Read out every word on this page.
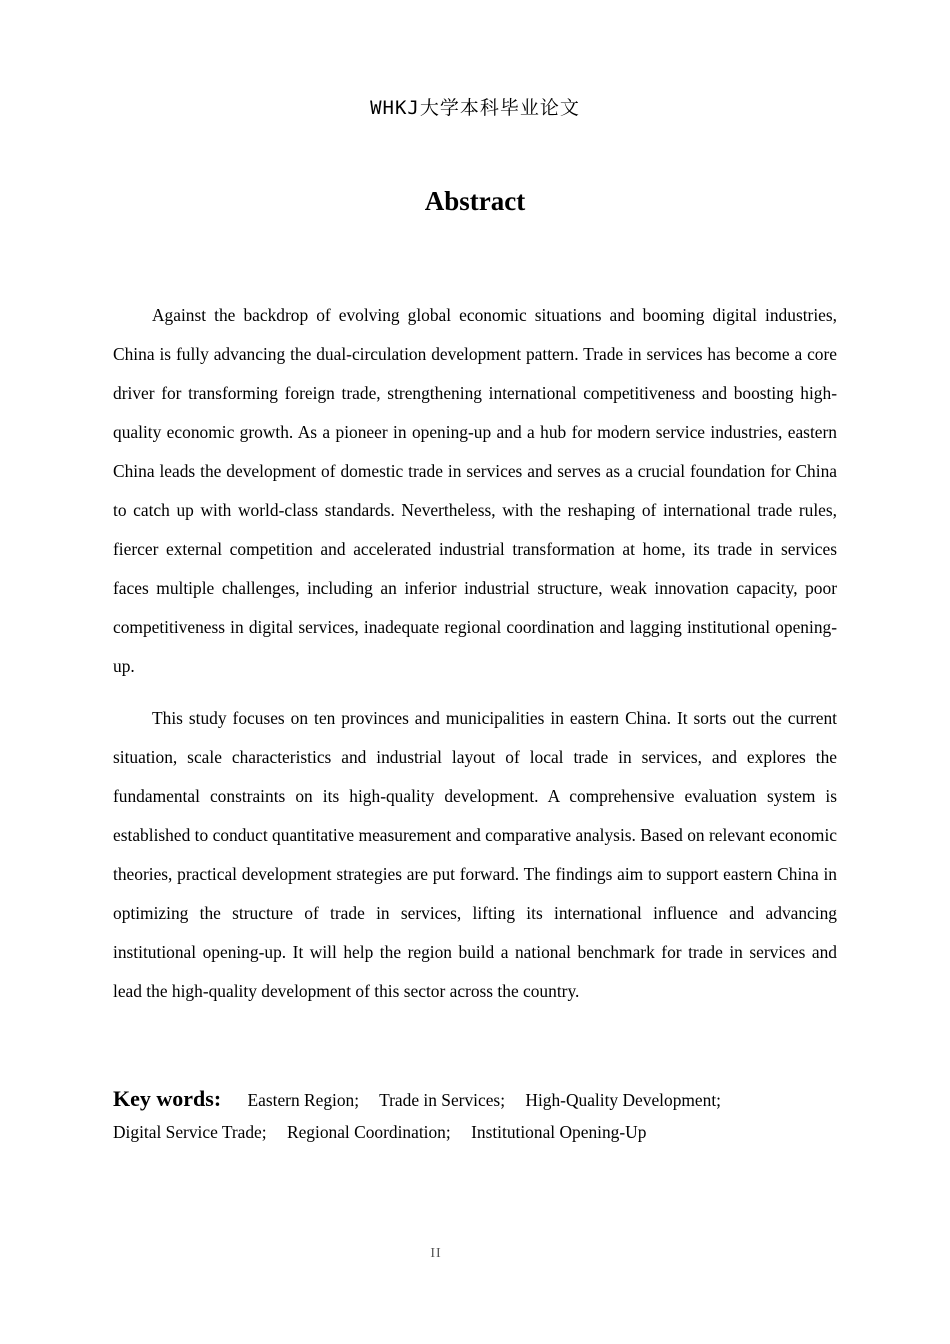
WHKJ大学本科毕业论文
Abstract

Against the backdrop of evolving global economic situations and booming digital industries, China is fully advancing the dual-circulation development pattern. Trade in services has become a core driver for transforming foreign trade, strengthening international competitiveness and boosting high-quality economic growth. As a pioneer in opening-up and a hub for modern service industries, eastern China leads the development of domestic trade in services and serves as a crucial foundation for China to catch up with world-class standards. Nevertheless, with the reshaping of international trade rules, fiercer external competition and accelerated industrial transformation at home, its trade in services faces multiple challenges, including an inferior industrial structure, weak innovation capacity, poor competitiveness in digital services, inadequate regional coordination and lagging institutional opening-up.

This study focuses on ten provinces and municipalities in eastern China. It sorts out the current situation, scale characteristics and industrial layout of local trade in services, and explores the fundamental constraints on its high-quality development. A comprehensive evaluation system is established to conduct quantitative measurement and comparative analysis. Based on relevant economic theories, practical development strategies are put forward. The findings aim to support eastern China in optimizing the structure of trade in services, lifting its international influence and advancing institutional opening-up. It will help the region build a national benchmark for trade in services and lead the high-quality development of this sector across the country.

Key words: Eastern Region; Trade in Services; High-Quality Development;
Digital Service Trade; Regional Coordination; Institutional Opening-Up
II
